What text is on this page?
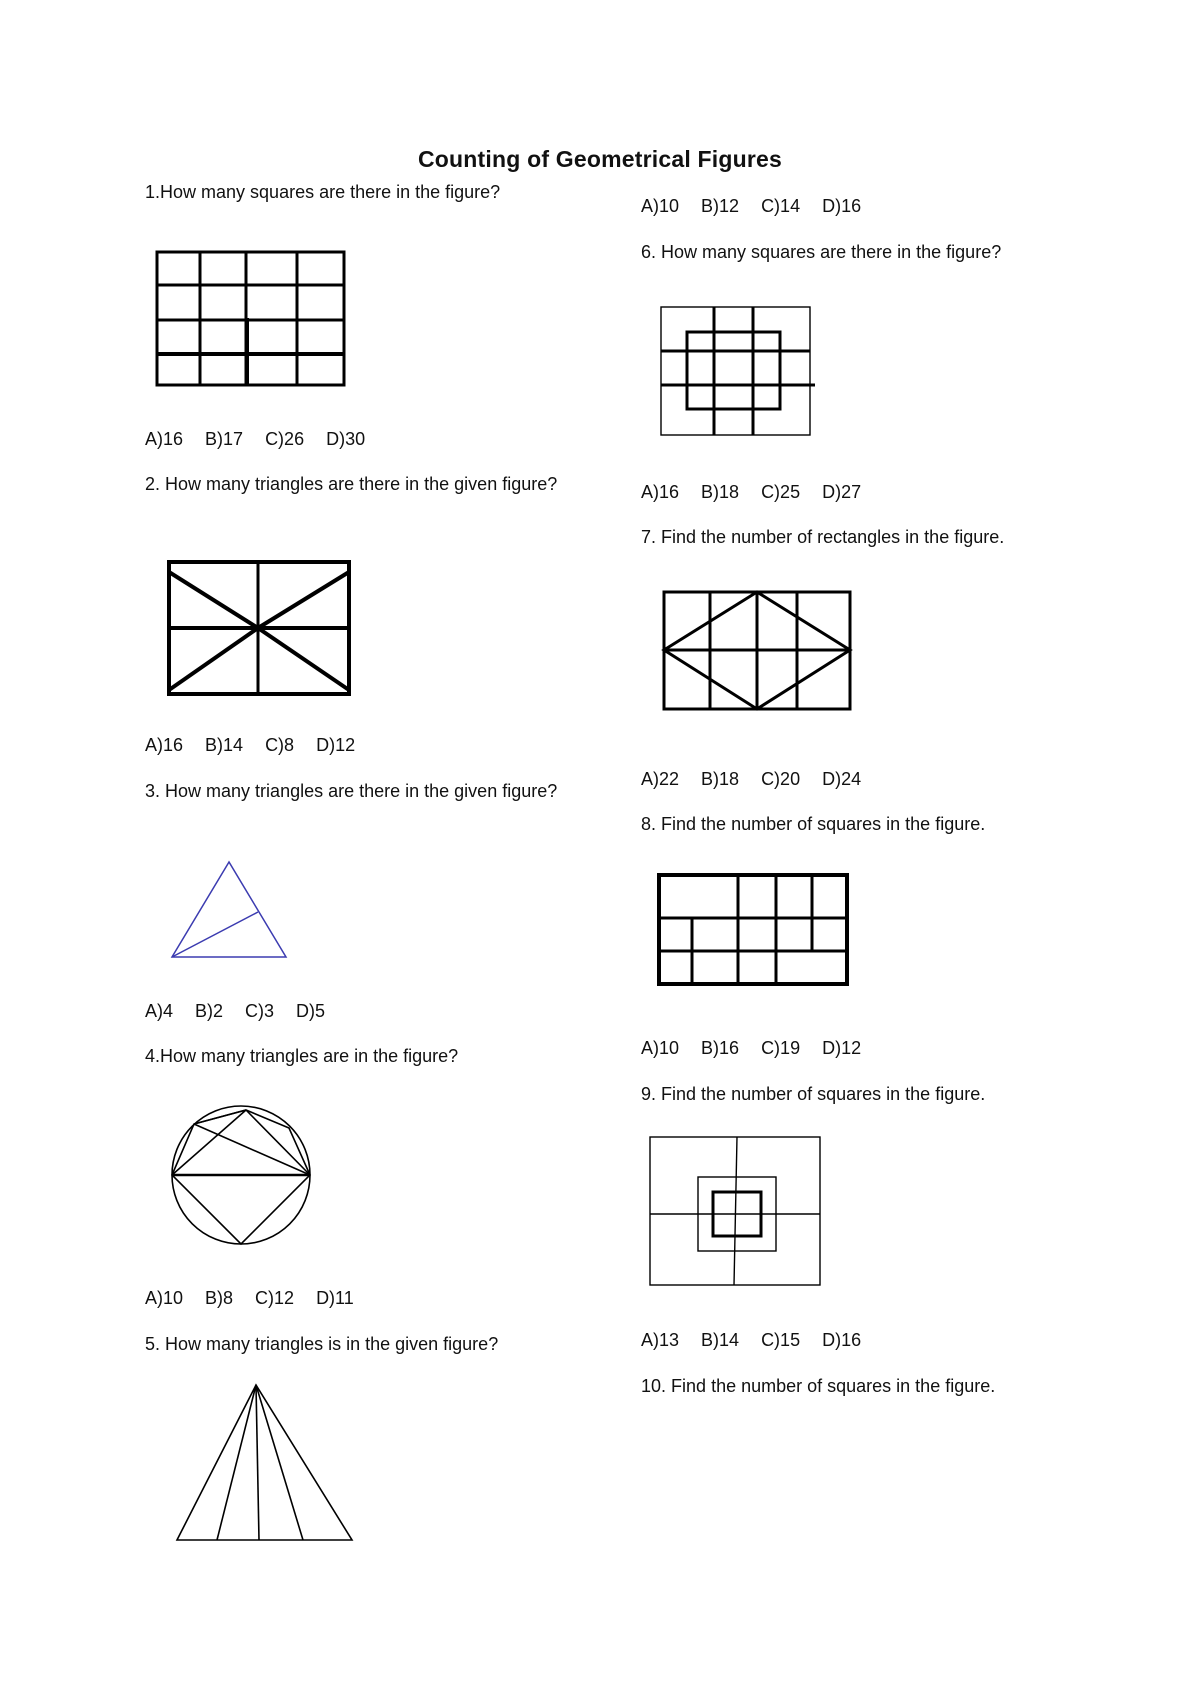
Counting of Geometrical Figures
1.How many squares are there in the figure?
A)16 B)17 C)26 D)30
2. How many triangles are there in the given figure?
A)16 B)14 C)8 D)12
3. How many triangles are there in the given figure?
A)4 B)2 C)3 D)5
4.How many triangles are in the figure?
A)10 B)8 C)12 D)11
5. How many triangles is in the given figure?
A)10 B)12 C)14 D)16
6. How many squares are there in the figure?
A)16 B)18 C)25 D)27
7. Find the number of rectangles in the figure.
A)22 B)18 C)20 D)24
8. Find the number of squares in the figure.
A)10 B)16 C)19 D)12
9. Find the number of squares in the figure.
A)13 B)14 C)15 D)16
10. Find the number of squares in the figure.
